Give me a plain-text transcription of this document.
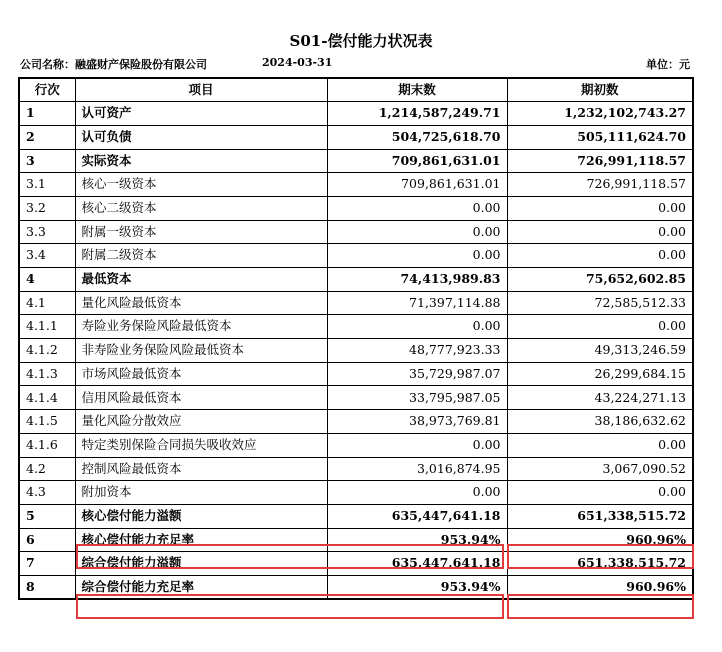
S01-偿付能力状况表
公司名称：融盛财产保险股份有限公司	2024-03-31	单位：元
行次	项目	期末数	期初数
1	认可资产	1,214,587,249.71	1,232,102,743.27
2	认可负债	504,725,618.70	505,111,624.70
3	实际资本	709,861,631.01	726,991,118.57
3.1	核心一级资本	709,861,631.01	726,991,118.57
3.2	核心二级资本	0.00	0.00
3.3	附属一级资本	0.00	0.00
3.4	附属二级资本	0.00	0.00
4	最低资本	74,413,989.83	75,652,602.85
4.1	量化风险最低资本	71,397,114.88	72,585,512.33
4.1.1	寿险业务保险风险最低资本	0.00	0.00
4.1.2	非寿险业务保险风险最低资本	48,777,923.33	49,313,246.59
4.1.3	市场风险最低资本	35,729,987.07	26,299,684.15
4.1.4	信用风险最低资本	33,795,987.05	43,224,271.13
4.1.5	量化风险分散效应	38,973,769.81	38,186,632.62
4.1.6	特定类别保险合同损失吸收效应	0.00	0.00
4.2	控制风险最低资本	3,016,874.95	3,067,090.52
4.3	附加资本	0.00	0.00
5	核心偿付能力溢额	635,447,641.18	651,338,515.72
6	核心偿付能力充足率	953.94%	960.96%
7	综合偿付能力溢额	635,447,641.18	651,338,515.72
8	综合偿付能力充足率	953.94%	960.96%
